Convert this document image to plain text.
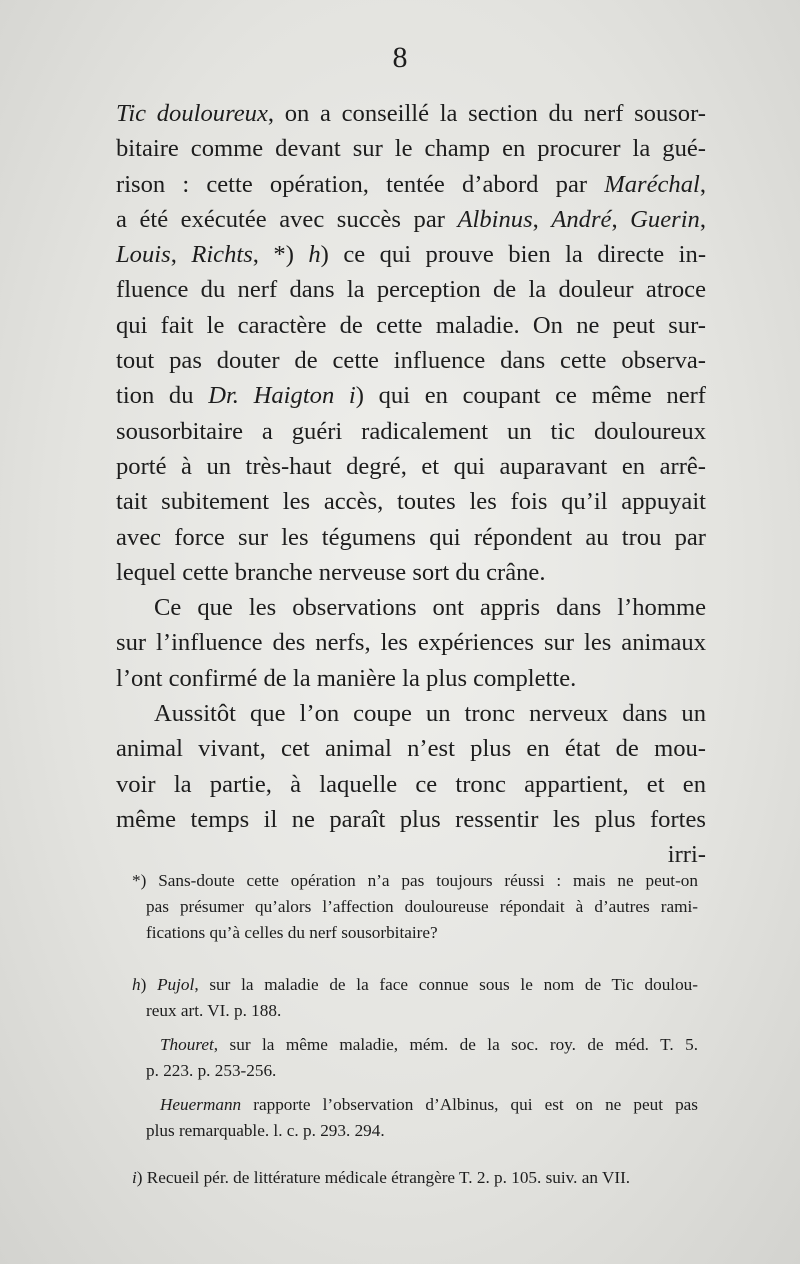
8
Tic douloureux, on a conseillé la section du nerf sousor-
bitaire comme devant sur le champ en procurer la gué-
rison : cette opération, tentée d’abord par Maréchal,
a été exécutée avec succès par Albinus, André, Guerin,
Louis, Richts, *) h) ce qui prouve bien la directe in-
fluence du nerf dans la perception de la douleur atroce
qui fait le caractère de cette maladie. On ne peut sur-
tout pas douter de cette influence dans cette observa-
tion du Dr. Haigton i) qui en coupant ce même nerf
sousorbitaire a guéri radicalement un tic douloureux
porté à un très-haut degré, et qui auparavant en arrê-
tait subitement les accès, toutes les fois qu’il appuyait
avec force sur les tégumens qui répondent au trou par
lequel cette branche nerveuse sort du crâne.
Ce que les observations ont appris dans l’homme
sur l’influence des nerfs, les expériences sur les animaux
l’ont confirmé de la manière la plus complette.
Aussitôt que l’on coupe un tronc nerveux dans un
animal vivant, cet animal n’est plus en état de mou-
voir la partie, à laquelle ce tronc appartient, et en
même temps il ne paraît plus ressentir les plus fortes
irri-
*) Sans-doute cette opération n’a pas toujours réussi : mais ne peut-on
pas présumer qu’alors l’affection douloureuse répondait à d’autres rami-
fications qu’à celles du nerf sousorbitaire?
h) Pujol, sur la maladie de la face connue sous le nom de Tic doulou-
reux art. VI. p. 188.
Thouret, sur la même maladie, mém. de la soc. roy. de méd. T. 5.
p. 223. p. 253-256.
Heuermann rapporte l’observation d’Albinus, qui est on ne peut pas
plus remarquable. l. c. p. 293. 294.
i) Recueil pér. de littérature médicale étrangère T. 2. p. 105. suiv. an VII.
